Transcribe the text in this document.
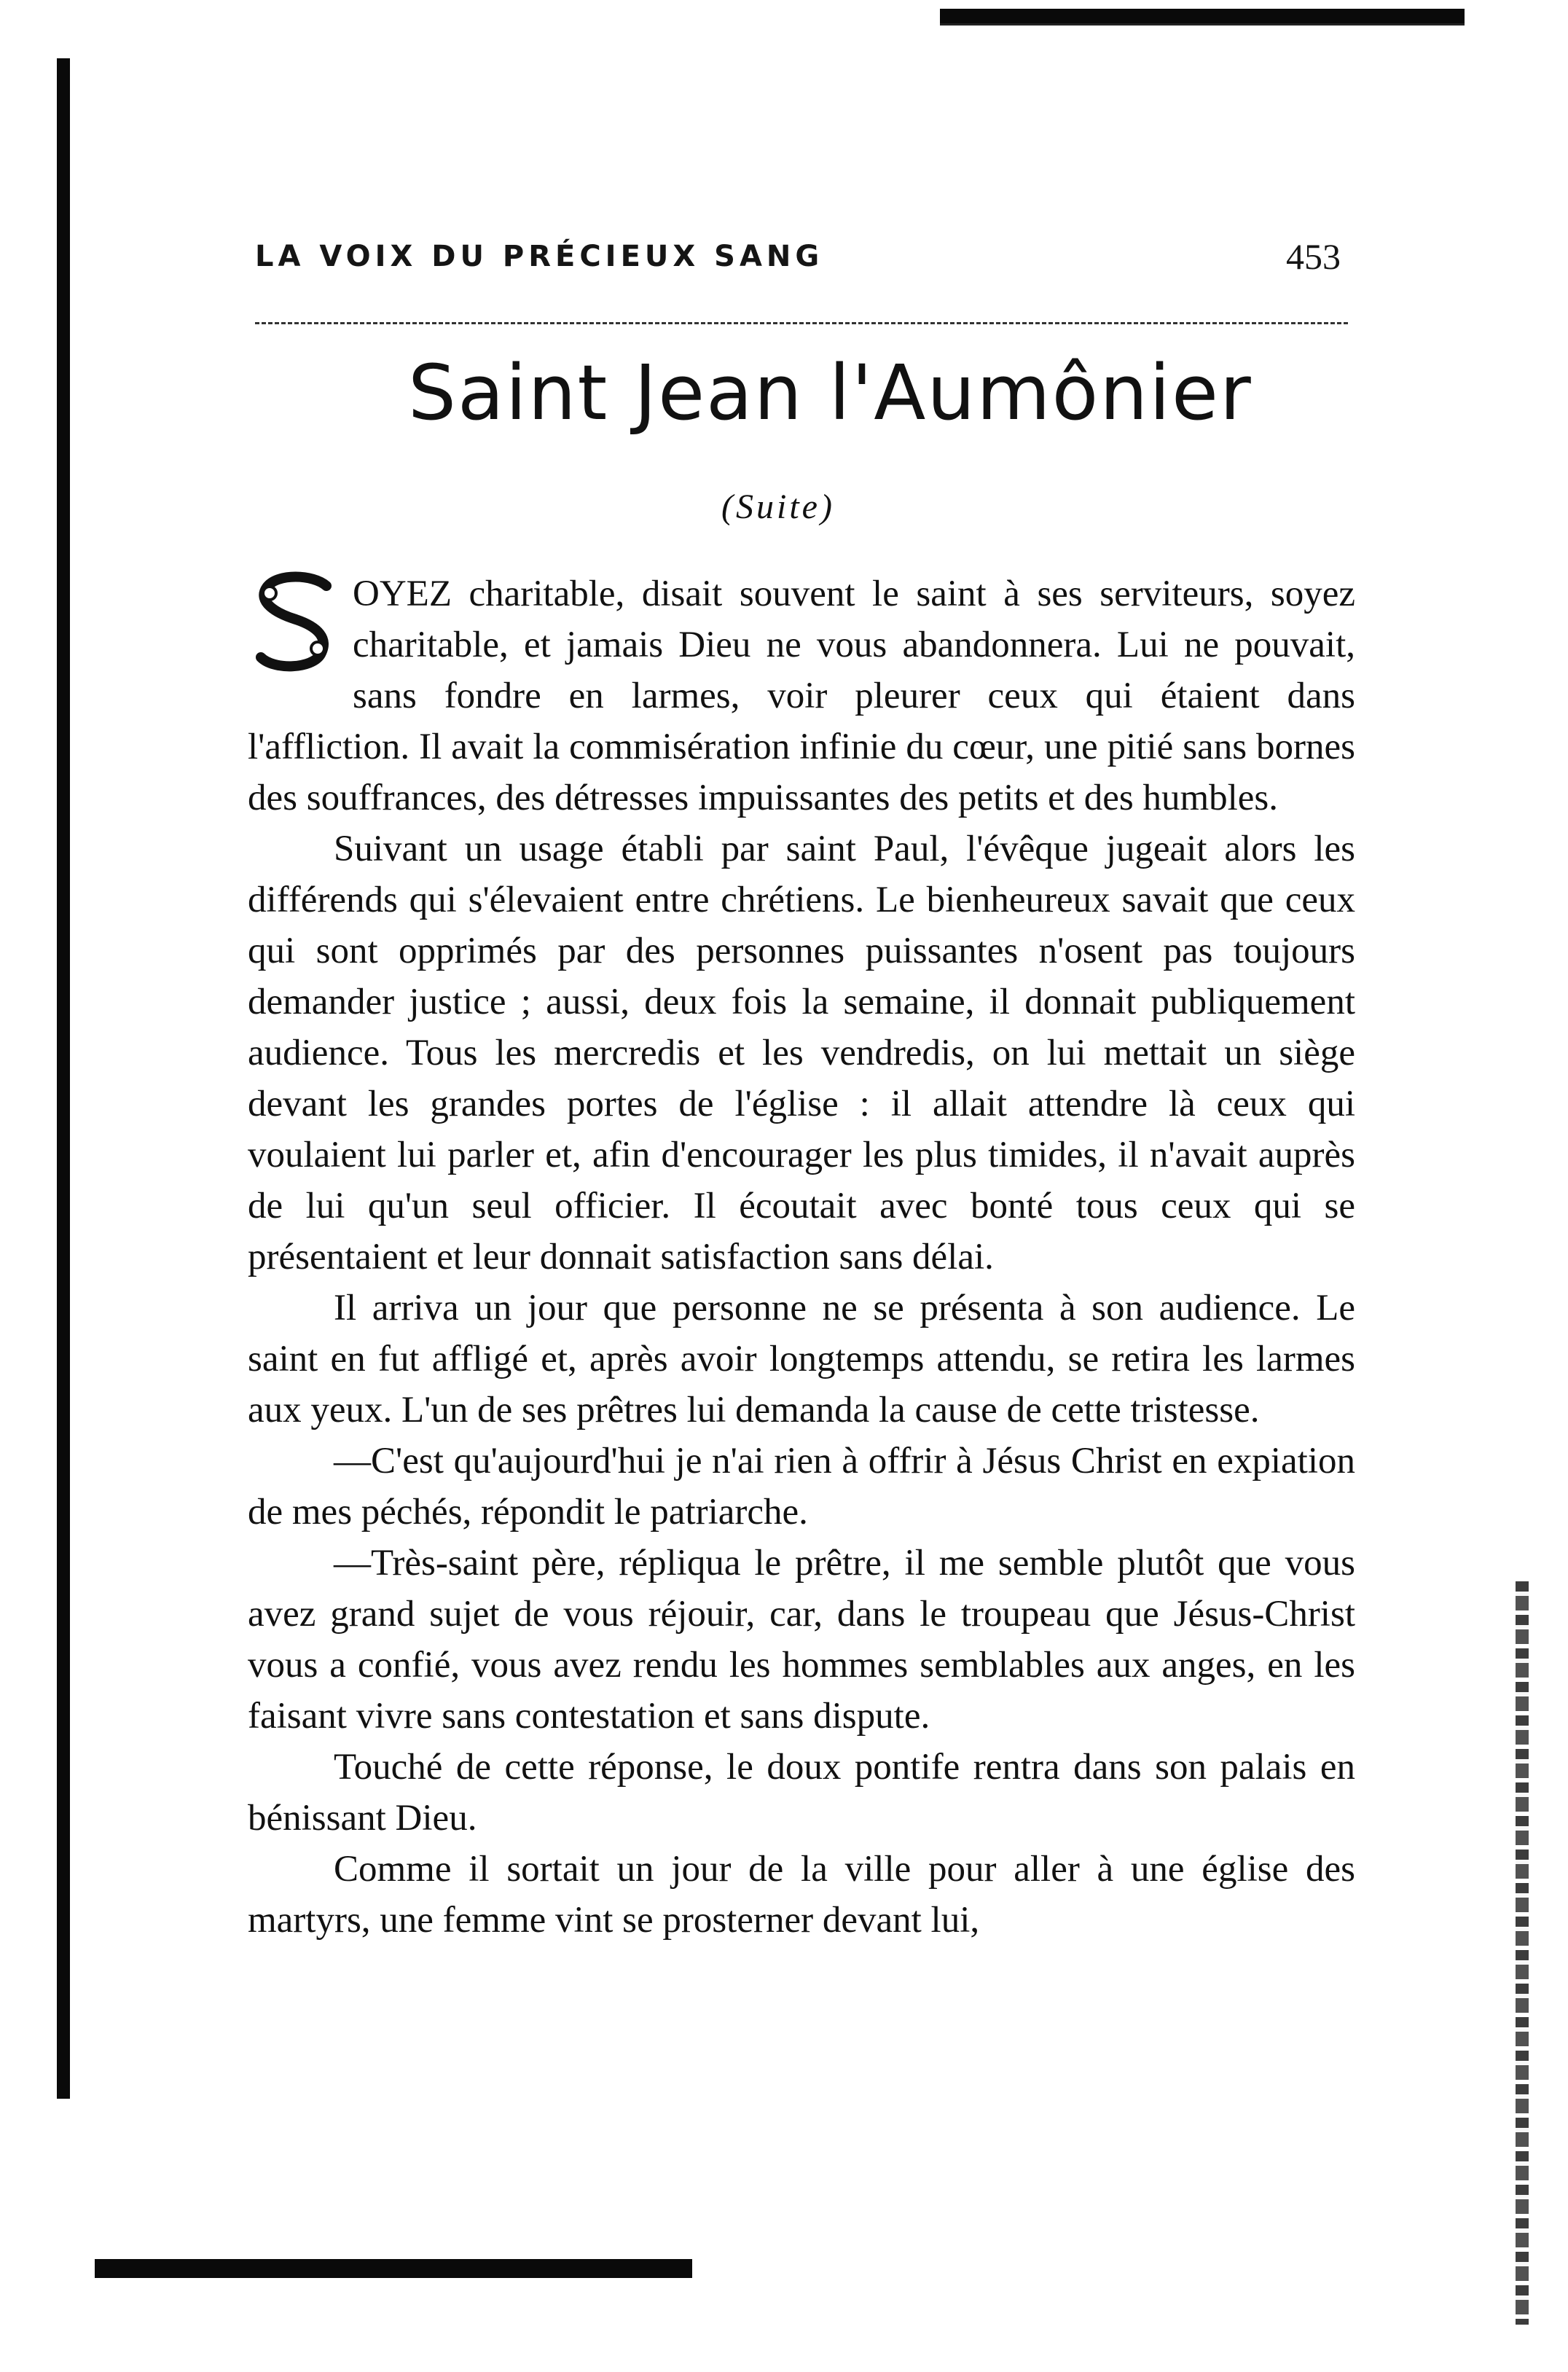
LA VOIX DU PRÉCIEUX SANG	453
Saint Jean l'Aumônier
(Suite)

OYEZ charitable, disait souvent le saint à ses serviteurs, soyez charitable, et jamais Dieu ne vous abandonnera. Lui ne pouvait, sans fondre en larmes, voir pleurer ceux qui étaient dans l'affliction. Il avait la commisération infinie du cœur, une pitié sans bornes des souffrances, des détresses impuissantes des petits et des humbles.

Suivant un usage établi par saint Paul, l'évêque jugeait alors les différends qui s'élevaient entre chrétiens. Le bienheureux savait que ceux qui sont opprimés par des personnes puissantes n'osent pas toujours demander justice ; aussi, deux fois la semaine, il donnait publiquement audience. Tous les mercredis et les vendredis, on lui mettait un siège devant les grandes portes de l'église : il allait attendre là ceux qui voulaient lui parler et, afin d'encourager les plus timides, il n'avait auprès de lui qu'un seul officier. Il écoutait avec bonté tous ceux qui se présentaient et leur donnait satisfaction sans délai.

Il arriva un jour que personne ne se présenta à son audience. Le saint en fut affligé et, après avoir longtemps attendu, se retira les larmes aux yeux. L'un de ses prêtres lui demanda la cause de cette tristesse.

—C'est qu'aujourd'hui je n'ai rien à offrir à Jésus Christ en expiation de mes péchés, répondit le patriarche.

—Très-saint père, répliqua le prêtre, il me semble plutôt que vous avez grand sujet de vous réjouir, car, dans le troupeau que Jésus-Christ vous a confié, vous avez rendu les hommes semblables aux anges, en les faisant vivre sans contestation et sans dispute.

Touché de cette réponse, le doux pontife rentra dans son palais en bénissant Dieu.

Comme il sortait un jour de la ville pour aller à une église des martyrs, une femme vint se prosterner devant lui,
